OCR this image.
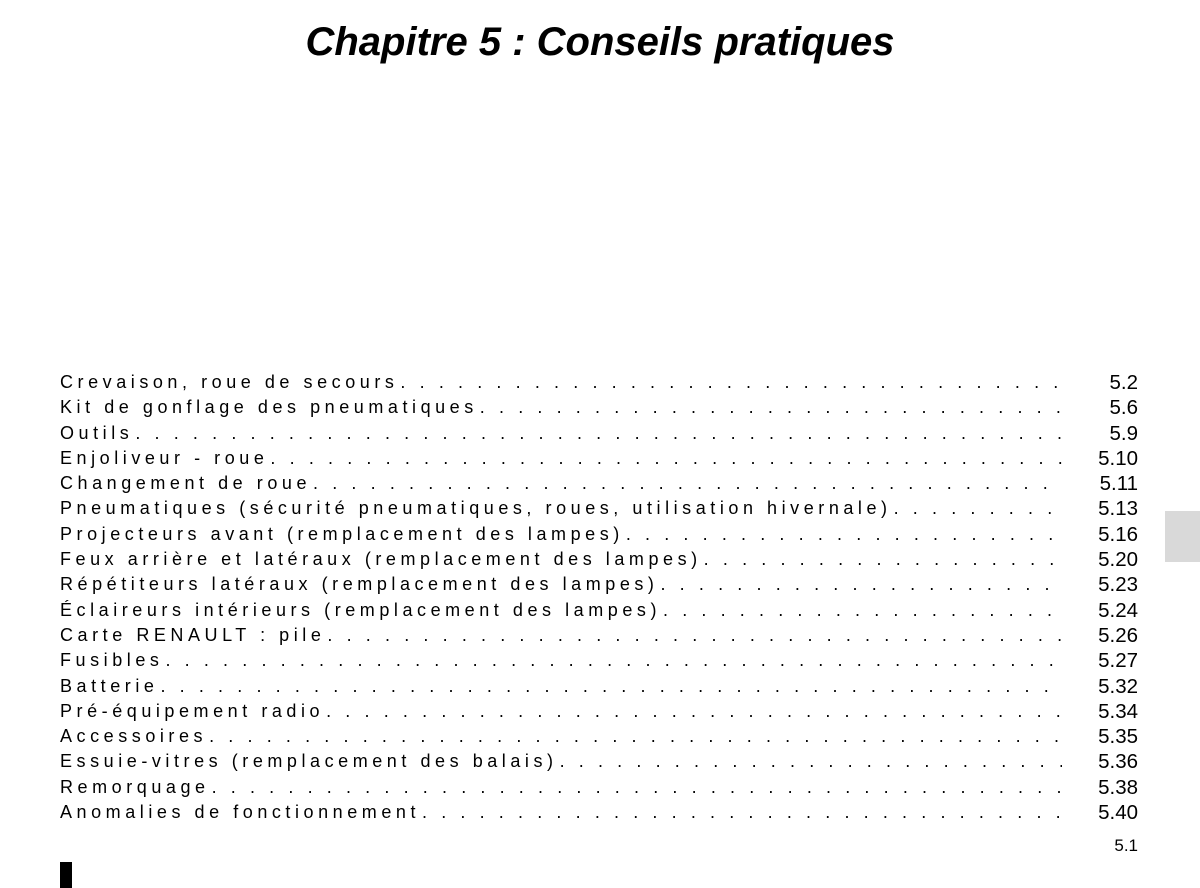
Chapitre 5 : Conseils pratiques
Crevaison, roue de secours . . .	5.2
Kit de gonflage des pneumatiques . . .	5.6
Outils . . .	5.9
Enjoliveur - roue . . .	5.10
Changement de roue . . .	5.11
Pneumatiques (sécurité pneumatiques, roues, utilisation hivernale) . . .	5.13
Projecteurs avant (remplacement des lampes) . . .	5.16
Feux arrière et latéraux (remplacement des lampes) . . .	5.20
Répétiteurs latéraux (remplacement des lampes) . . .	5.23
Éclaireurs intérieurs (remplacement des lampes) . . .	5.24
Carte RENAULT : pile . . .	5.26
Fusibles . . .	5.27
Batterie . . .	5.32
Pré-équipement radio . . .	5.34
Accessoires . . .	5.35
Essuie-vitres (remplacement des balais) . . .	5.36
Remorquage . . .	5.38
Anomalies de fonctionnement . . .	5.40
5.1
